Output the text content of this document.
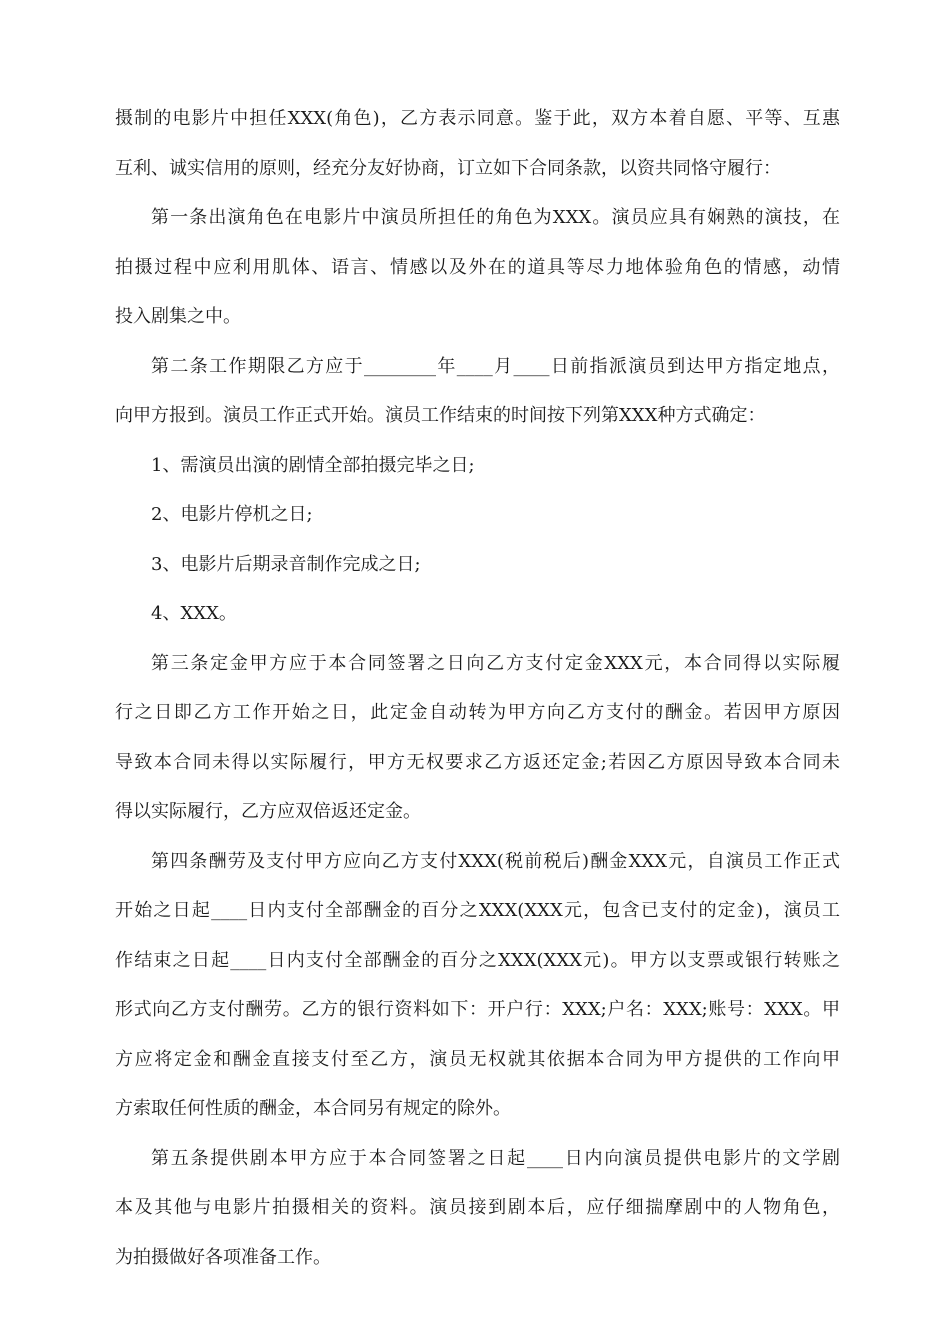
摄制的电影片中担任XXX(角色)，乙方表示同意。鉴于此，双方本着自愿、平等、互惠

互利、诚实信用的原则，经充分友好协商，订立如下合同条款，以资共同恪守履行：

第一条出演角色在电影片中演员所担任的角色为XXX。演员应具有娴熟的演技，在

拍摄过程中应利用肌体、语言、情感以及外在的道具等尽力地体验角色的情感，动情

投入剧集之中。

第二条工作期限乙方应于________年____月____日前指派演员到达甲方指定地点，

向甲方报到。演员工作正式开始。演员工作结束的时间按下列第XXX种方式确定：

1、需演员出演的剧情全部拍摄完毕之日;

2、电影片停机之日;

3、电影片后期录音制作完成之日;

4、XXX。

第三条定金甲方应于本合同签署之日向乙方支付定金XXX元，本合同得以实际履

行之日即乙方工作开始之日，此定金自动转为甲方向乙方支付的酬金。若因甲方原因

导致本合同未得以实际履行，甲方无权要求乙方返还定金;若因乙方原因导致本合同未

得以实际履行，乙方应双倍返还定金。

第四条酬劳及支付甲方应向乙方支付XXX(税前税后)酬金XXX元，自演员工作正式

开始之日起____日内支付全部酬金的百分之XXX(XXX元，包含已支付的定金)，演员工

作结束之日起____日内支付全部酬金的百分之XXX(XXX元)。甲方以支票或银行转账之

形式向乙方支付酬劳。乙方的银行资料如下：开户行：XXX;户名：XXX;账号：XXX。甲

方应将定金和酬金直接支付至乙方，演员无权就其依据本合同为甲方提供的工作向甲

方索取任何性质的酬金，本合同另有规定的除外。

第五条提供剧本甲方应于本合同签署之日起____日内向演员提供电影片的文学剧

本及其他与电影片拍摄相关的资料。演员接到剧本后，应仔细揣摩剧中的人物角色，

为拍摄做好各项准备工作。
